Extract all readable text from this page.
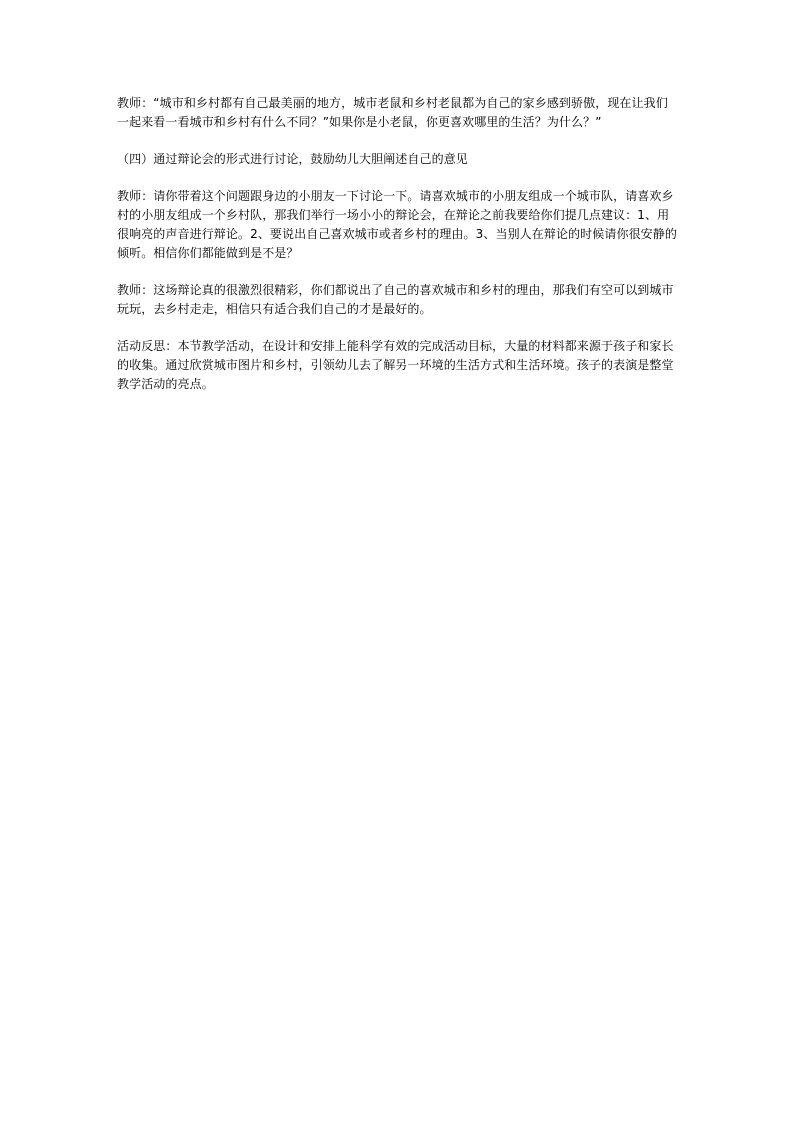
教师：“城市和乡村都有自己最美丽的地方，城市老鼠和乡村老鼠都为自己的家乡感到骄傲，现在让我们一起来看一看城市和乡村有什么不同？”如果你是小老鼠，你更喜欢哪里的生活？为什么？”

（四）通过辩论会的形式进行讨论，鼓励幼儿大胆阐述自己的意见

教师：请你带着这个问题跟身边的小朋友一下讨论一下。请喜欢城市的小朋友组成一个城市队，请喜欢乡村的小朋友组成一个乡村队，那我们举行一场小小的辩论会，在辩论之前我要给你们提几点建议：1、用很响亮的声音进行辩论。2、要说出自己喜欢城市或者乡村的理由。3、当别人在辩论的时候请你很安静的倾听。相信你们都能做到是不是？

教师：这场辩论真的很激烈很精彩，你们都说出了自己的喜欢城市和乡村的理由，那我们有空可以到城市玩玩，去乡村走走，相信只有适合我们自己的才是最好的。

活动反思：本节教学活动，在设计和安排上能科学有效的完成活动目标，大量的材料都来源于孩子和家长的收集。通过欣赏城市图片和乡村，引领幼儿去了解另一环境的生活方式和生活环境。孩子的表演是整堂教学活动的亮点。
